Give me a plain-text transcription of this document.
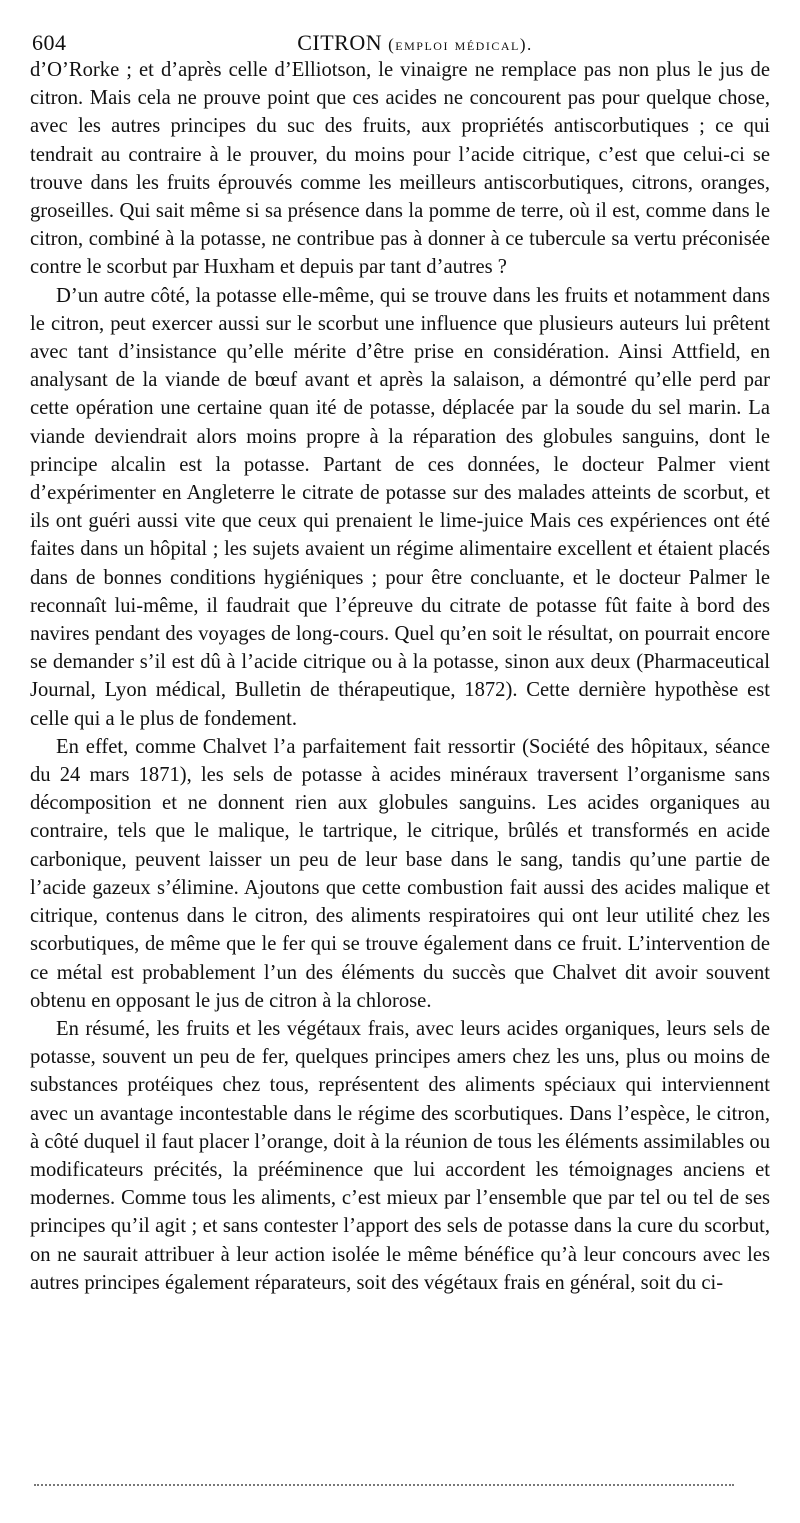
604	CITRON (emploi médical).

d’O’Rorke ; et d’après celle d’Elliotson, le vinaigre ne remplace pas non plus le jus de citron. Mais cela ne prouve point que ces acides ne concourent pas pour quelque chose, avec les autres principes du suc des fruits, aux propriétés antiscorbutiques ; ce qui tendrait au contraire à le prouver, du moins pour l’acide citrique, c’est que celui-ci se trouve dans les fruits éprouvés comme les meilleurs antiscorbutiques, citrons, oranges, groseilles. Qui sait même si sa présence dans la pomme de terre, où il est, comme dans le citron, combiné à la potasse, ne contribue pas à donner à ce tubercule sa vertu préconisée contre le scorbut par Huxham et depuis par tant d’autres ?

D’un autre côté, la potasse elle-même, qui se trouve dans les fruits et notamment dans le citron, peut exercer aussi sur le scorbut une influence que plusieurs auteurs lui prêtent avec tant d’insistance qu’elle mérite d’être prise en considération. Ainsi Attfield, en analysant de la viande de bœuf avant et après la salaison, a démontré qu’elle perd par cette opération une certaine quan ité de potasse, déplacée par la soude du sel marin. La viande deviendrait alors moins propre à la réparation des globules sanguins, dont le principe alcalin est la potasse. Partant de ces données, le docteur Palmer vient d’expérimenter en Angleterre le citrate de potasse sur des malades atteints de scorbut, et ils ont guéri aussi vite que ceux qui prenaient le lime-juice Mais ces expériences ont été faites dans un hôpital ; les sujets avaient un régime alimentaire excellent et étaient placés dans de bonnes conditions hygiéniques ; pour être concluante, et le docteur Palmer le reconnaît lui-même, il faudrait que l’épreuve du citrate de potasse fût faite à bord des navires pendant des voyages de long-cours. Quel qu’en soit le résultat, on pourrait encore se demander s’il est dû à l’acide citrique ou à la potasse, sinon aux deux (Pharmaceutical Journal, Lyon médical, Bulletin de thérapeutique, 1872). Cette dernière hypothèse est celle qui a le plus de fondement.

En effet, comme Chalvet l’a parfaitement fait ressortir (Société des hôpitaux, séance du 24 mars 1871), les sels de potasse à acides minéraux traversent l’organisme sans décomposition et ne donnent rien aux globules sanguins. Les acides organiques au contraire, tels que le malique, le tartrique, le citrique, brûlés et transformés en acide carbonique, peuvent laisser un peu de leur base dans le sang, tandis qu’une partie de l’acide gazeux s’élimine. Ajoutons que cette combustion fait aussi des acides malique et citrique, contenus dans le citron, des aliments respiratoires qui ont leur utilité chez les scorbutiques, de même que le fer qui se trouve également dans ce fruit. L’intervention de ce métal est probablement l’un des éléments du succès que Chalvet dit avoir souvent obtenu en opposant le jus de citron à la chlorose.

En résumé, les fruits et les végétaux frais, avec leurs acides organiques, leurs sels de potasse, souvent un peu de fer, quelques principes amers chez les uns, plus ou moins de substances protéiques chez tous, représentent des aliments spéciaux qui interviennent avec un avantage incontestable dans le régime des scorbutiques. Dans l’espèce, le citron, à côté duquel il faut placer l’orange, doit à la réunion de tous les éléments assimilables ou modificateurs précités, la prééminence que lui accordent les témoignages anciens et modernes. Comme tous les aliments, c’est mieux par l’ensemble que par tel ou tel de ses principes qu’il agit ; et sans contester l’apport des sels de potasse dans la cure du scorbut, on ne saurait attribuer à leur action isolée le même bénéfice qu’à leur concours avec les autres principes également réparateurs, soit des végétaux frais en général, soit du ci-
